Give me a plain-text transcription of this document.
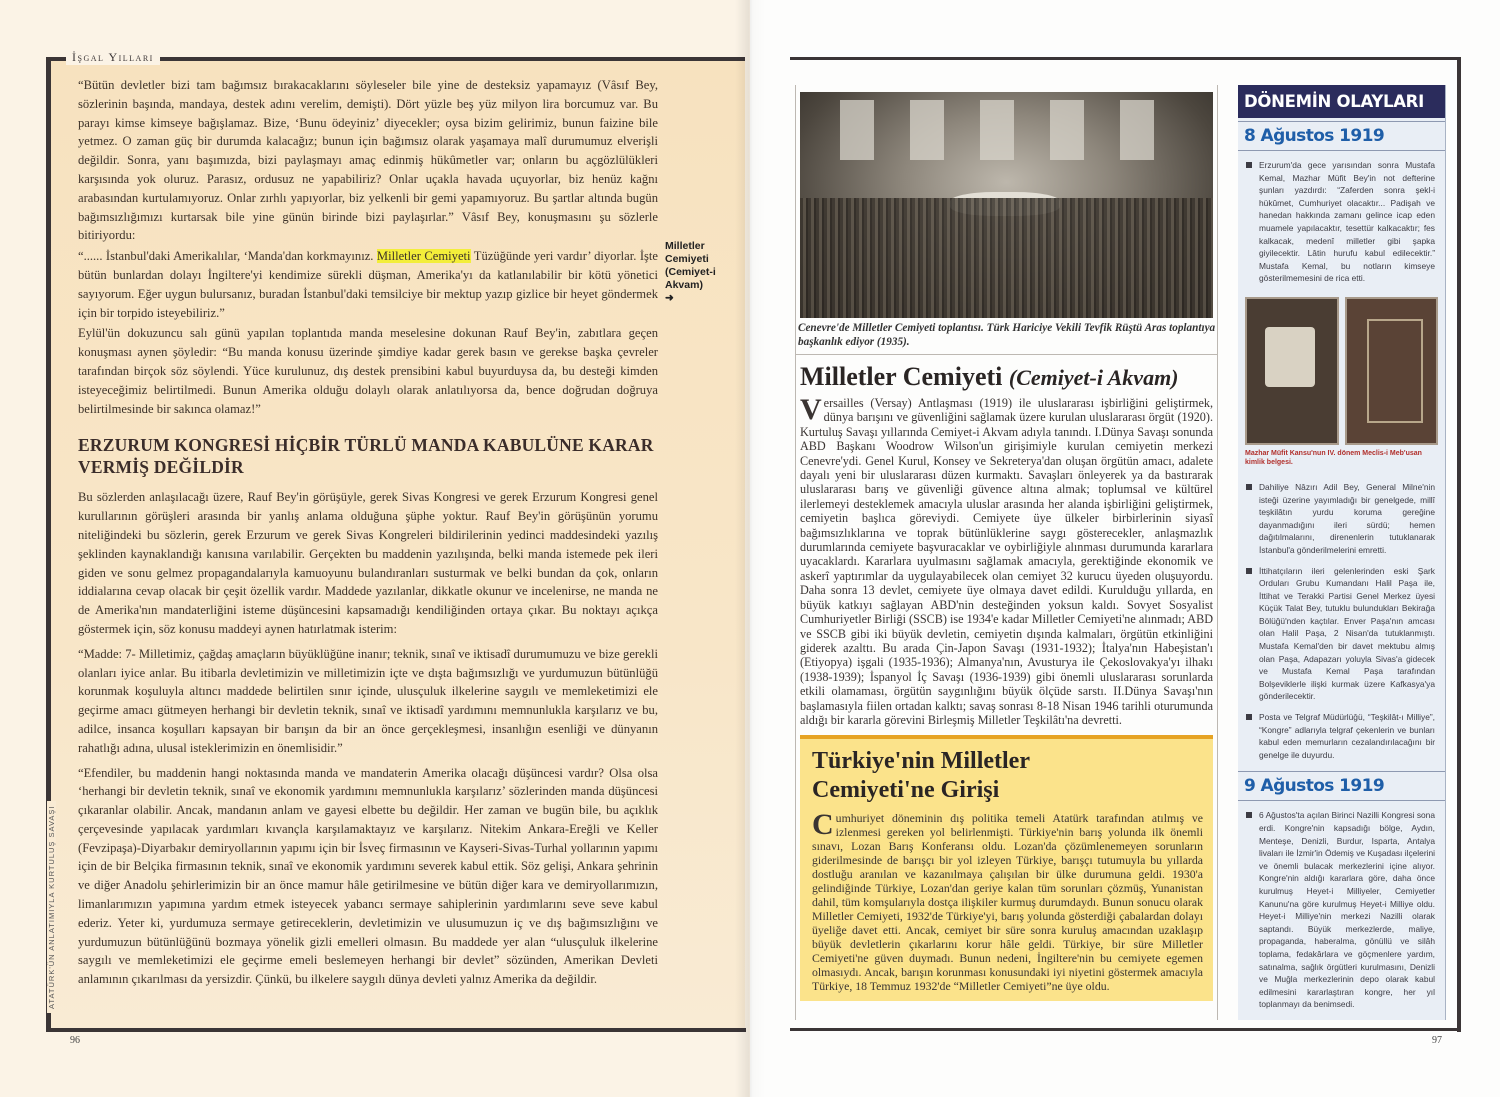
İşgal Yılları
ATATÜRK'ÜN ANLATIMIYLA KURTULUŞ SAVAŞI
96

“Bütün devletler bizi tam bağımsız bırakacaklarını söyleseler bile yine de desteksiz yapamayız (Vâsıf Bey, sözlerinin başında, mandaya, destek adını verelim, demişti). Dört yüzle beş yüz milyon lira borcumuz var. Bu parayı kimse kimseye bağışlamaz. Bize, ‘Bunu ödeyiniz’ diyecekler; oysa bizim gelirimiz, bunun faizine bile yetmez. O zaman güç bir durumda kalacağız; bunun için bağımsız olarak yaşamaya malî durumumuz elverişli değildir. Sonra, yanı başımızda, bizi paylaşmayı amaç edinmiş hükûmetler var; onların bu açgözlülükleri karşısında yok oluruz. Parasız, ordusuz ne yapabiliriz? Onlar uçakla havada uçuyorlar, biz henüz kağnı arabasından kurtulamıyoruz. Onlar zırhlı yapıyorlar, biz yelkenli bir gemi yapamıyoruz. Bu şartlar altında bugün bağımsızlığımızı kurtarsak bile yine günün birinde bizi paylaşırlar.” Vâsıf Bey, konuşmasını şu sözlerle bitiriyordu:

“...... İstanbul'daki Amerikalılar, ‘Manda'dan korkmayınız. Milletler Cemiyeti Tüzüğünde yeri vardır’ diyorlar. İşte bütün bunlardan dolayı İngiltere'yi kendimize sürekli düşman, Amerika'yı da katlanılabilir bir kötü yönetici sayıyorum. Eğer uygun bulursanız, buradan İstanbul'daki temsilciye bir mektup yazıp gizlice bir heyet göndermek için bir torpido isteyebiliriz.”

Eylül'ün dokuzuncu salı günü yapılan toplantıda manda meselesine dokunan Rauf Bey'in, zabıtlara geçen konuşması aynen şöyledir: “Bu manda konusu üzerinde şimdiye kadar gerek basın ve gerekse başka çevreler tarafından birçok söz söylendi. Yüce kurulunuz, dış destek prensibini kabul buyurduysa da, bu desteği kimden isteyeceğimiz belirtilmedi. Bunun Amerika olduğu dolaylı olarak anlatılıyorsa da, bence doğrudan doğruya belirtilmesinde bir sakınca olamaz!”

ERZURUM KONGRESİ HİÇBİR TÜRLÜ MANDA KABULÜNE KARAR VERMİŞ DEĞİLDİR

Bu sözlerden anlaşılacağı üzere, Rauf Bey'in görüşüyle, gerek Sivas Kongresi ve gerek Erzurum Kongresi genel kurullarının görüşleri arasında bir yanlış anlama olduğuna şüphe yoktur. Rauf Bey'in görüşünün yorumu niteliğindeki bu sözlerin, gerek Erzurum ve gerek Sivas Kongreleri bildirilerinin yedinci maddesindeki yazılış şeklinden kaynaklandığı kanısına varılabilir. Gerçekten bu maddenin yazılışında, belki manda istemede pek ileri giden ve sonu gelmez propagandalarıyla kamuoyunu bulandıranları susturmak ve belki bundan da çok, onların iddialarına cevap olacak bir çeşit özellik vardır. Maddede yazılanlar, dikkatle okunur ve incelenirse, ne manda ne de Amerika'nın mandaterliğini isteme düşüncesini kapsamadığı kendiliğinden ortaya çıkar. Bu noktayı açıkça göstermek için, söz konusu maddeyi aynen hatırlatmak isterim:

“Madde: 7- Milletimiz, çağdaş amaçların büyüklüğüne inanır; teknik, sınaî ve iktisadî durumumuzu ve bize gerekli olanları iyice anlar. Bu itibarla devletimizin ve milletimizin içte ve dışta bağımsızlığı ve yurdumuzun bütünlüğü korunmak koşuluyla altıncı maddede belirtilen sınır içinde, ulusçuluk ilkelerine saygılı ve memleketimizi ele geçirme amacı gütmeyen herhangi bir devletin teknik, sınaî ve iktisadî yardımını memnunlukla karşılarız ve bu, adilce, insanca koşulları kapsayan bir barışın da bir an önce gerçekleşmesi, insanlığın esenliği ve dünyanın rahatlığı adına, ulusal isteklerimizin en önemlisidir.”

“Efendiler, bu maddenin hangi noktasında manda ve mandaterin Amerika olacağı düşüncesi vardır? Olsa olsa ‘herhangi bir devletin teknik, sınaî ve ekonomik yardımını memnunlukla karşılarız’ sözlerinden manda düşüncesi çıkaranlar olabilir. Ancak, mandanın anlam ve gayesi elbette bu değildir. Her zaman ve bugün bile, bu açıklık çerçevesinde yapılacak yardımları kıvançla karşılamaktayız ve karşılarız. Nitekim Ankara-Ereğli ve Keller (Fevzipaşa)-Diyarbakır demiryollarının yapımı için bir İsveç firmasının ve Kayseri-Sivas-Turhal yollarının yapımı için de bir Belçika firmasının teknik, sınaî ve ekonomik yardımını severek kabul ettik. Söz gelişi, Ankara şehrinin ve diğer Anadolu şehirlerimizin bir an önce mamur hâle getirilmesine ve bütün diğer kara ve demiryollarımızın, limanlarımızın yapımına yardım etmek isteyecek yabancı sermaye sahiplerinin yardımlarını seve seve kabul ederiz. Yeter ki, yurdumuza sermaye getireceklerin, devletimizin ve ulusumuzun iç ve dış bağımsızlığını ve yurdumuzun bütünlüğünü bozmaya yönelik gizli emelleri olmasın. Bu maddede yer alan “ulusçuluk ilkelerine saygılı ve memleketimizi ele geçirme emeli beslemeyen herhangi bir devlet” sözünden, Amerikan Devleti anlamının çıkarılması da yersizdir. Çünkü, bu ilkelere saygılı dünya devleti yalnız Amerika da değildir.

Milletler Cemiyeti (Cemiyet-i Akvam)
➜
97
Cenevre'de Milletler Cemiyeti toplantısı. Türk Hariciye Vekili Tevfik Rüştü Aras toplantıya başkanlık ediyor (1935).
Milletler Cemiyeti (Cemiyet-i Akvam)
Versailles (Versay) Antlaşması (1919) ile uluslararası işbirliğini geliştirmek, dünya barışını ve güvenliğini sağlamak üzere kurulan uluslararası örgüt (1920). Kurtuluş Savaşı yıllarında Cemiyet-i Akvam adıyla tanındı. I.Dünya Savaşı sonunda ABD Başkanı Woodrow Wilson'un girişimiyle kurulan cemiyetin merkezi Cenevre'ydi. Genel Kurul, Konsey ve Sekreterya'dan oluşan örgütün amacı, adalete dayalı yeni bir uluslararası düzen kurmaktı. Savaşları önleyerek ya da bastırarak uluslararası barış ve güvenliği güvence altına almak; toplumsal ve kültürel ilerlemeyi desteklemek amacıyla uluslar arasında her alanda işbirliğini geliştirmek, cemiyetin başlıca göreviydi. Cemiyete üye ülkeler birbirlerinin siyasî bağımsızlıklarına ve toprak bütünlüklerine saygı gösterecekler, anlaşmazlık durumlarında cemiyete başvuracaklar ve oybirliğiyle alınması durumunda kararlara uyacaklardı. Kararlara uyulmasını sağlamak amacıyla, gerektiğinde ekonomik ve askerî yaptırımlar da uygulayabilecek olan cemiyet 32 kurucu üyeden oluşuyordu. Daha sonra 13 devlet, cemiyete üye olmaya davet edildi. Kurulduğu yıllarda, en büyük katkıyı sağlayan ABD'nin desteğinden yoksun kaldı. Sovyet Sosyalist Cumhuriyetler Birliği (SSCB) ise 1934'e kadar Milletler Cemiyeti'ne alınmadı; ABD ve SSCB gibi iki büyük devletin, cemiyetin dışında kalmaları, örgütün etkinliğini giderek azalttı. Bu arada Çin-Japon Savaşı (1931-1932); İtalya'nın Habeşistan'ı (Etiyopya) işgali (1935-1936); Almanya'nın, Avusturya ile Çekoslovakya'yı ilhakı (1938-1939); İspanyol İç Savaşı (1936-1939) gibi önemli uluslararası sorunlarda etkili olamaması, örgütün saygınlığını büyük ölçüde sarstı. II.Dünya Savaşı'nın başlamasıyla fiilen ortadan kalktı; savaş sonrası 8-18 Nisan 1946 tarihli oturumunda aldığı bir kararla görevini Birleşmiş Milletler Teşkilâtı'na devretti.
Türkiye'nin Milletler
Cemiyeti'ne Girişi
Cumhuriyet döneminin dış politika temeli Atatürk tarafından atılmış ve izlenmesi gereken yol belirlenmişti. Türkiye'nin barış yolunda ilk önemli sınavı, Lozan Barış Konferansı oldu. Lozan'da çözümlenemeyen sorunların giderilmesinde de barışçı bir yol izleyen Türkiye, barışçı tutumuyla bu yıllarda dostluğu aranılan ve kazanılmaya çalışılan bir ülke durumuna geldi. 1930'a gelindiğinde Türkiye, Lozan'dan geriye kalan tüm sorunları çözmüş, Yunanistan dahil, tüm komşularıyla dostça ilişkiler kurmuş durumdaydı. Bunun sonucu olarak Milletler Cemiyeti, 1932'de Türkiye'yi, barış yolunda gösterdiği çabalardan dolayı üyeliğe davet etti. Ancak, cemiyet bir süre sonra kuruluş amacından uzaklaşıp büyük devletlerin çıkarlarını korur hâle geldi. Türkiye, bir süre Milletler Cemiyeti'ne güven duymadı. Bunun nedeni, İngiltere'nin bu cemiyete egemen olmasıydı. Ancak, barışın korunması konusundaki iyi niyetini göstermek amacıyla Türkiye, 18 Temmuz 1932'de “Milletler Cemiyeti”ne üye oldu.
DÖNEMİN OLAYLARI
8 Ağustos 1919
Erzurum'da gece yarısından sonra Mustafa Kemal, Mazhar Müfit Bey'in not defterine şunları yazdırdı: “Zaferden sonra şekl-i hükûmet, Cumhuriyet olacaktır... Padişah ve hanedan hakkında zamanı gelince icap eden muamele yapılacaktır, tesettür kalkacaktır; fes kalkacak, medenî milletler gibi şapka giyilecektir. Lâtin hurufu kabul edilecektir.” Mustafa Kemal, bu notların kimseye gösterilmemesini de rica etti.
Mazhar Müfit Kansu'nun IV. dönem Meclis-i Meb'usan kimlik belgesi.
Dahiliye Nâzırı Adil Bey, General Milne'nin isteği üzerine yayımladığı bir genelgede, millî teşkilâtın yurdu koruma gereğine dayanmadığını ileri sürdü; hemen dağıtılmalarını, direnenlerin tutuklanarak İstanbul'a gönderilmelerini emretti.
İttihatçıların ileri gelenlerinden eski Şark Orduları Grubu Kumandanı Halil Paşa ile, İttihat ve Terakki Partisi Genel Merkez üyesi Küçük Talat Bey, tutuklu bulundukları Bekirağa Bölüğü'nden kaçtılar. Enver Paşa'nın amcası olan Halil Paşa, 2 Nisan'da tutuklanmıştı. Mustafa Kemal'den bir davet mektubu almış olan Paşa, Adapazarı yoluyla Sivas'a gidecek ve Mustafa Kemal Paşa tarafından Bolşeviklerle ilişki kurmak üzere Kafkasya'ya gönderilecektir.
Posta ve Telgraf Müdürlüğü, “Teşkilât-ı Milliye”, “Kongre” adlarıyla telgraf çekenlerin ve bunları kabul eden memurların cezalandırılacağını bir genelge ile duyurdu.
9 Ağustos 1919
6 Ağustos'ta açılan Birinci Nazilli Kongresi sona erdi. Kongre'nin kapsadığı bölge, Aydın, Menteşe, Denizli, Burdur, Isparta, Antalya livaları ile İzmir'in Ödemiş ve Kuşadası ilçelerini ve önemli bulacak merkezlerini içine alıyor. Kongre'nin aldığı kararlara göre, daha önce kurulmuş Heyet-i Milliyeler, Cemiyetler Kanunu'na göre kurulmuş Heyet-i Milliye oldu. Heyet-i Milliye'nin merkezi Nazilli olarak saptandı. Büyük merkezlerde, maliye, propaganda, haberalma, gönüllü ve silâh toplama, fedakârlara ve göçmenlere yardım, satınalma, sağlık örgütleri kurulmasını, Denizli ve Muğla merkezlerinin depo olarak kabul edilmesini kararlaştıran kongre, her yıl toplanmayı da benimsedi.
